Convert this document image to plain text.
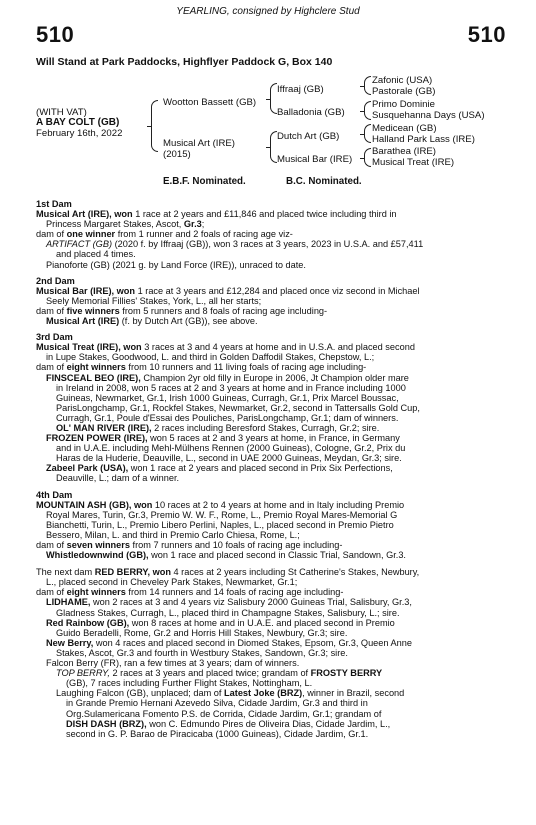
YEARLING, consigned by Highclere Stud
510	510
Will Stand at Park Paddocks, Highflyer Paddock G, Box 140
(WITH VAT)
A BAY COLT (GB)
February 16th, 2022
Wootton Bassett (GB)
Musical Art (IRE)
(2015)
Iffraaj (GB)
Balladonia (GB)
Dutch Art (GB)
Musical Bar (IRE)
Zafonic (USA)
Pastorale (GB)
Primo Dominie
Susquehanna Days (USA)
Medicean (GB)
Halland Park Lass (IRE)
Barathea (IRE)
Musical Treat (IRE)
E.B.F. Nominated.	B.C. Nominated.
1st Dam
Musical Art (IRE), won 1 race at 2 years and £11,846 and placed twice including third in
Princess Margaret Stakes, Ascot, Gr.3;
dam of one winner from 1 runner and 2 foals of racing age viz-
ARTIFACT (GB) (2020 f. by Iffraaj (GB)), won 3 races at 3 years, 2023 in U.S.A. and £57,411
and placed 4 times.
Pianoforte (GB) (2021 g. by Land Force (IRE)), unraced to date.
2nd Dam
Musical Bar (IRE), won 1 race at 3 years and £12,284 and placed once viz second in Michael
Seely Memorial Fillies' Stakes, York, L., all her starts;
dam of five winners from 5 runners and 8 foals of racing age including-
Musical Art (IRE) (f. by Dutch Art (GB)), see above.
3rd Dam
Musical Treat (IRE), won 3 races at 3 and 4 years at home and in U.S.A. and placed second
in Lupe Stakes, Goodwood, L. and third in Golden Daffodil Stakes, Chepstow, L.;
dam of eight winners from 10 runners and 11 living foals of racing age including-
FINSCEAL BEO (IRE), Champion 2yr old filly in Europe in 2006, Jt Champion older mare
in Ireland in 2008, won 5 races at 2 and 3 years at home and in France including 1000
Guineas, Newmarket, Gr.1, Irish 1000 Guineas, Curragh, Gr.1, Prix Marcel Boussac,
ParisLongchamp, Gr.1, Rockfel Stakes, Newmarket, Gr.2, second in Tattersalls Gold Cup,
Curragh, Gr.1, Poule d'Essai des Pouliches, ParisLongchamp, Gr.1; dam of winners.
OL' MAN RIVER (IRE), 2 races including Beresford Stakes, Curragh, Gr.2; sire.
FROZEN POWER (IRE), won 5 races at 2 and 3 years at home, in France, in Germany
and in U.A.E. including Mehl-Mülhens Rennen (2000 Guineas), Cologne, Gr.2, Prix du
Haras de la Huderie, Deauville, L., second in UAE 2000 Guineas, Meydan, Gr.3; sire.
Zabeel Park (USA), won 1 race at 2 years and placed second in Prix Six Perfections,
Deauville, L.; dam of a winner.
4th Dam
MOUNTAIN ASH (GB), won 10 races at 2 to 4 years at home and in Italy including Premio
Royal Mares, Turin, Gr.3, Premio W. W. F., Rome, L., Premio Royal Mares-Memorial G
Bianchetti, Turin, L., Premio Libero Perlini, Naples, L., placed second in Premio Pietro
Bessero, Milan, L. and third in Premio Carlo Chiesa, Rome, L.;
dam of seven winners from 7 runners and 10 foals of racing age including-
Whistledownwind (GB), won 1 race and placed second in Classic Trial, Sandown, Gr.3.
The next dam RED BERRY, won 4 races at 2 years including St Catherine's Stakes, Newbury,
L., placed second in Cheveley Park Stakes, Newmarket, Gr.1;
dam of eight winners from 14 runners and 14 foals of racing age including-
LIDHAME, won 2 races at 3 and 4 years viz Salisbury 2000 Guineas Trial, Salisbury, Gr.3,
Gladness Stakes, Curragh, L., placed third in Champagne Stakes, Salisbury, L.; sire.
Red Rainbow (GB), won 8 races at home and in U.A.E. and placed second in Premio
Guido Beradelli, Rome, Gr.2 and Horris Hill Stakes, Newbury, Gr.3; sire.
New Berry, won 4 races and placed second in Diomed Stakes, Epsom, Gr.3, Queen Anne
Stakes, Ascot, Gr.3 and fourth in Westbury Stakes, Sandown, Gr.3; sire.
Falcon Berry (FR), ran a few times at 3 years; dam of winners.
TOP BERRY, 2 races at 3 years and placed twice; grandam of FROSTY BERRY
(GB), 7 races including Further Flight Stakes, Nottingham, L.
Laughing Falcon (GB), unplaced; dam of Latest Joke (BRZ), winner in Brazil, second
in Grande Premio Hernani Azevedo Silva, Cidade Jardim, Gr.3 and third in
Org.Sulamericana Fomento P.S. de Corrida, Cidade Jardim, Gr.1; grandam of
DISH DASH (BRZ), won C. Edmundo Pires de Oliveira Dias, Cidade Jardim, L.,
second in G. P. Barao de Piracicaba (1000 Guineas), Cidade Jardim, Gr.1.
